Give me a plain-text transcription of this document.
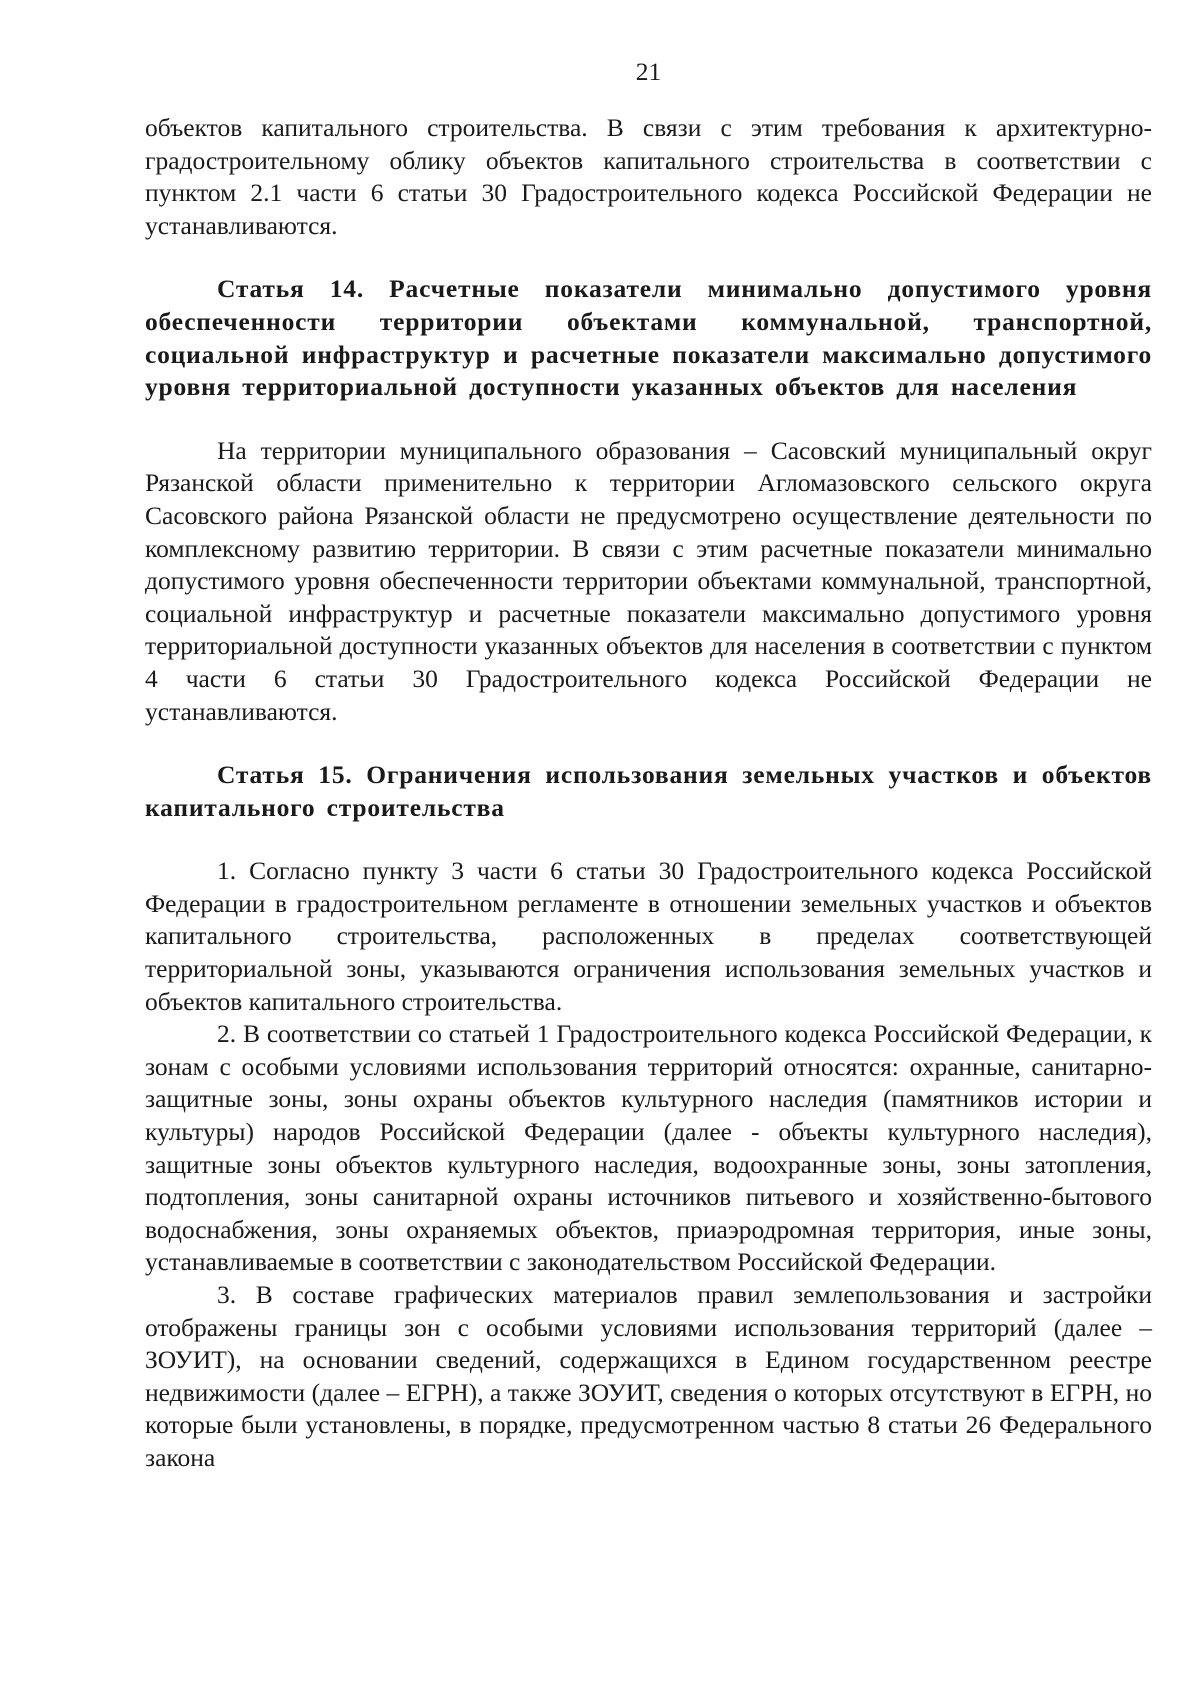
21

объектов капитального строительства. В связи с этим требования к архитектурно-градостроительному облику объектов капитального строительства в соответствии с пунктом 2.1 части 6 статьи 30 Градостроительного кодекса Российской Федерации не устанавливаются.

Статья 14. Расчетные показатели минимально допустимого уровня обеспеченности территории объектами коммунальной, транспортной, социальной инфраструктур и расчетные показатели максимально допустимого уровня территориальной доступности указанных объектов для населения

На территории муниципального образования – Сасовский муниципальный округ Рязанской области применительно к территории Агломазовского сельского округа Сасовского района Рязанской области не предусмотрено осуществление деятельности по комплексному развитию территории. В связи с этим расчетные показатели минимально допустимого уровня обеспеченности территории объектами коммунальной, транспортной, социальной инфраструктур и расчетные показатели максимально допустимого уровня территориальной доступности указанных объектов для населения в соответствии с пунктом 4 части 6 статьи 30 Градостроительного кодекса Российской Федерации не устанавливаются.

Статья 15. Ограничения использования земельных участков и объектов капитального строительства

1. Согласно пункту 3 части 6 статьи 30 Градостроительного кодекса Российской Федерации в градостроительном регламенте в отношении земельных участков и объектов капитального строительства, расположенных в пределах соответствующей территориальной зоны, указываются ограничения использования земельных участков и объектов капитального строительства.

2. В соответствии со статьей 1 Градостроительного кодекса Российской Федерации, к зонам с особыми условиями использования территорий относятся: охранные, санитарно-защитные зоны, зоны охраны объектов культурного наследия (памятников истории и культуры) народов Российской Федерации (далее - объекты культурного наследия), защитные зоны объектов культурного наследия, водоохранные зоны, зоны затопления, подтопления, зоны санитарной охраны источников питьевого и хозяйственно-бытового водоснабжения, зоны охраняемых объектов, приаэродромная территория, иные зоны, устанавливаемые в соответствии с законодательством Российской Федерации.

3. В составе графических материалов правил землепользования и застройки отображены границы зон с особыми условиями использования территорий (далее – ЗОУИТ), на основании сведений, содержащихся в Едином государственном реестре недвижимости (далее – ЕГРН), а также ЗОУИТ, сведения о которых отсутствуют в ЕГРН, но которые были установлены, в порядке, предусмотренном частью 8 статьи 26 Федерального закона
